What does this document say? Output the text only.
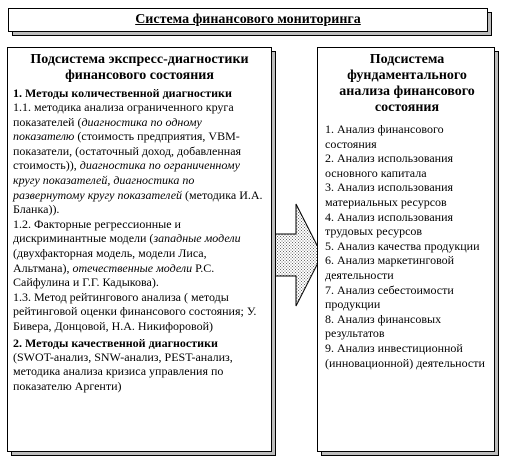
Система финансового мониторинга
Подсистема экспресс-диагностики финансового состояния
1. Методы количественной диагностики
1.1. методика анализа ограниченного круга показателей (диагностика по одному показателю (стоимость предприятия, VBM-показатели, (остаточный доход, добавленная стоимость)), диагностика по ограниченному кругу показателей, диагностика по развернутому кругу показателей (методика И.А. Бланка)).
1.2. Факторные регрессионные и дискриминантные модели (западные модели (двухфакторная модель, модели Лиса, Альтмана), отечественные модели Р.С. Сайфулина и Г.Г. Кадыкова).
1.3. Метод рейтингового анализа ( методы рейтинговой оценки финансового состояния; У. Бивера, Донцовой, Н.А. Никифоровой)
2. Методы качественной диагностики
(SWOT-анализ, SNW-анализ, PEST-анализ, методика анализа кризиса управления по показателю Аргенти)
Подсистема фундаментального анализа финансового состояния
1. Анализ финансового состояния
2. Анализ использования основного капитала
3. Анализ использования материальных ресурсов
4. Анализ использования трудовых ресурсов
5. Анализ качества продукции
6. Анализ маркетинговой деятельности
7. Анализ себестоимости продукции
8. Анализ финансовых результатов
9. Анализ инвестиционной (инновационной) деятельности
